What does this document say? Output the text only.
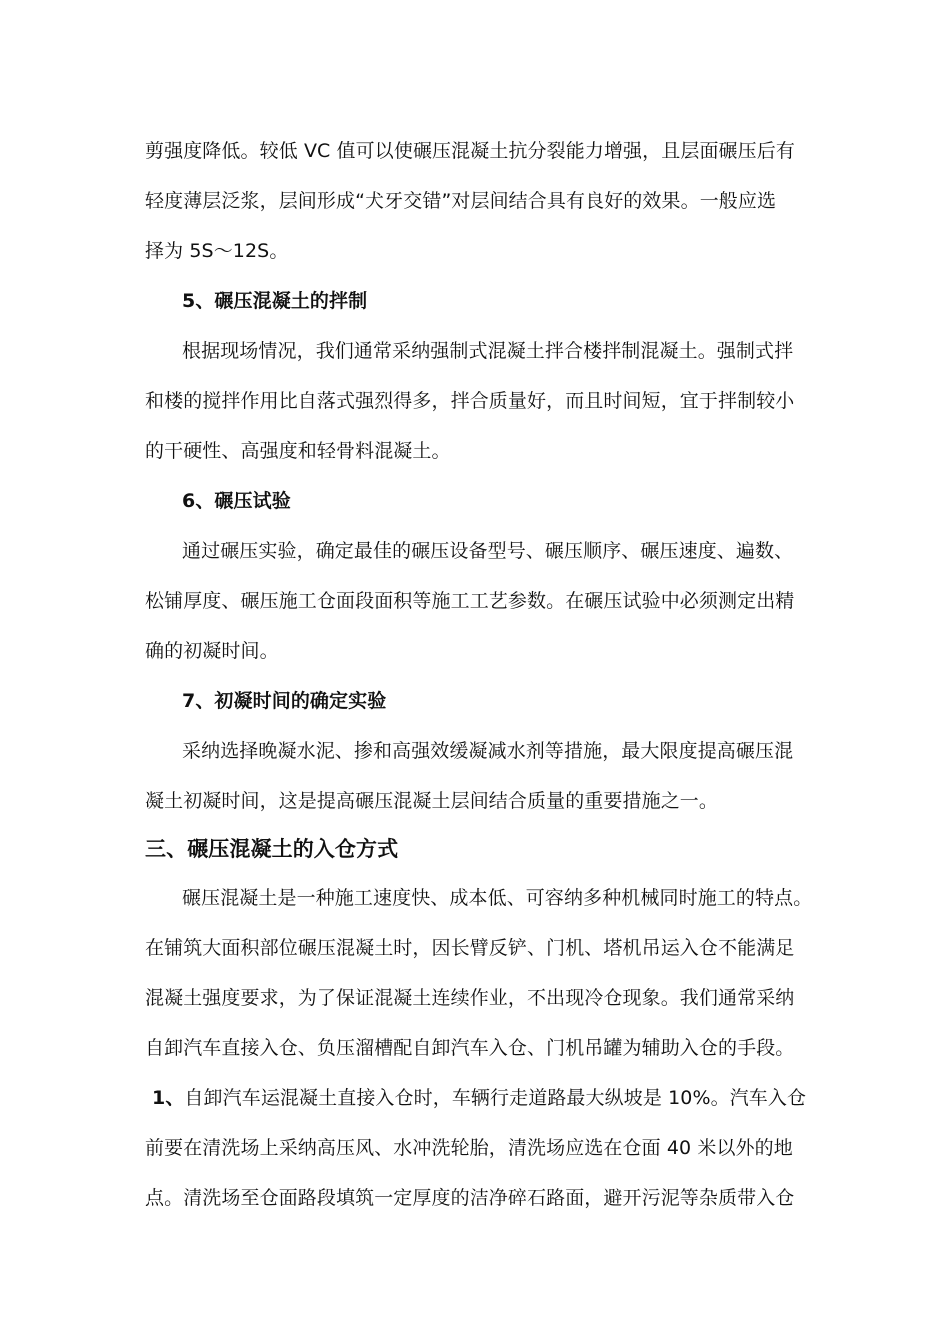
剪强度降低。较低 VC 值可以使碾压混凝土抗分裂能力增强，且层面碾压后有
轻度薄层泛浆，层间形成“犬牙交错”对层间结合具有良好的效果。一般应选
择为 5S～12S。
5、碾压混凝土的拌制
根据现场情况，我们通常采纳强制式混凝土拌合楼拌制混凝土。强制式拌
和楼的搅拌作用比自落式强烈得多，拌合质量好，而且时间短，宜于拌制较小
的干硬性、高强度和轻骨料混凝土。
6、碾压试验
通过碾压实验，确定最佳的碾压设备型号、碾压顺序、碾压速度、遍数、
松铺厚度、碾压施工仓面段面积等施工工艺参数。在碾压试验中必须测定出精
确的初凝时间。
7、初凝时间的确定实验
采纳选择晚凝水泥、掺和高强效缓凝减水剂等措施，最大限度提高碾压混
凝土初凝时间，这是提高碾压混凝土层间结合质量的重要措施之一。
三、碾压混凝土的入仓方式
碾压混凝土是一种施工速度快、成本低、可容纳多种机械同时施工的特点。
在铺筑大面积部位碾压混凝土时，因长臂反铲、门机、塔机吊运入仓不能满足
混凝土强度要求，为了保证混凝土连续作业，不出现冷仓现象。我们通常采纳
自卸汽车直接入仓、负压溜槽配自卸汽车入仓、门机吊罐为辅助入仓的手段。
1、自卸汽车运混凝土直接入仓时，车辆行走道路最大纵坡是 10%。汽车入仓
前要在清洗场上采纳高压风、水冲洗轮胎，清洗场应选在仓面 40 米以外的地
点。清洗场至仓面路段填筑一定厚度的洁净碎石路面，避开污泥等杂质带入仓
